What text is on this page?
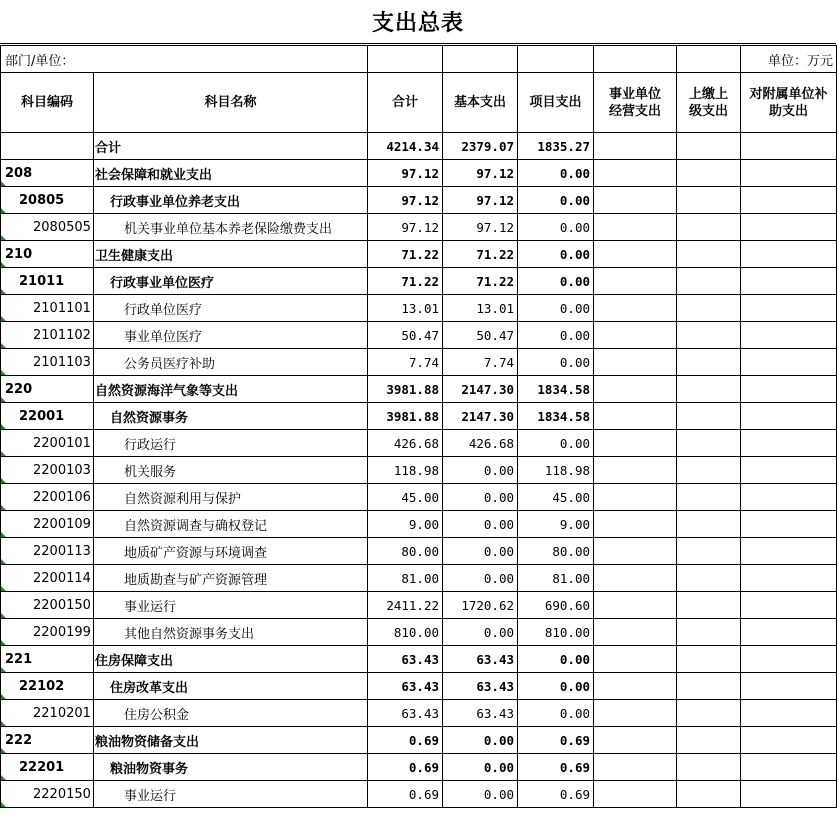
支出总表
部门/单位：							单位：万元
科目编码	科目名称	合计	基本支出	项目支出	事业单位经营支出	上缴上级支出	对附属单位补助支出
	合计	4214.34	2379.07	1835.27			
208	社会保障和就业支出	97.12	97.12	0.00			
20805	行政事业单位养老支出	97.12	97.12	0.00			
2080505	机关事业单位基本养老保险缴费支出	97.12	97.12	0.00			
210	卫生健康支出	71.22	71.22	0.00			
21011	行政事业单位医疗	71.22	71.22	0.00			
2101101	行政单位医疗	13.01	13.01	0.00			
2101102	事业单位医疗	50.47	50.47	0.00			
2101103	公务员医疗补助	7.74	7.74	0.00			
220	自然资源海洋气象等支出	3981.88	2147.30	1834.58			
22001	自然资源事务	3981.88	2147.30	1834.58			
2200101	行政运行	426.68	426.68	0.00			
2200103	机关服务	118.98	0.00	118.98			
2200106	自然资源利用与保护	45.00	0.00	45.00			
2200109	自然资源调查与确权登记	9.00	0.00	9.00			
2200113	地质矿产资源与环境调查	80.00	0.00	80.00			
2200114	地质勘查与矿产资源管理	81.00	0.00	81.00			
2200150	事业运行	2411.22	1720.62	690.60			
2200199	其他自然资源事务支出	810.00	0.00	810.00			
221	住房保障支出	63.43	63.43	0.00			
22102	住房改革支出	63.43	63.43	0.00			
2210201	住房公积金	63.43	63.43	0.00			
222	粮油物资储备支出	0.69	0.00	0.69			
22201	粮油物资事务	0.69	0.00	0.69			
2220150	事业运行	0.69	0.00	0.69			
